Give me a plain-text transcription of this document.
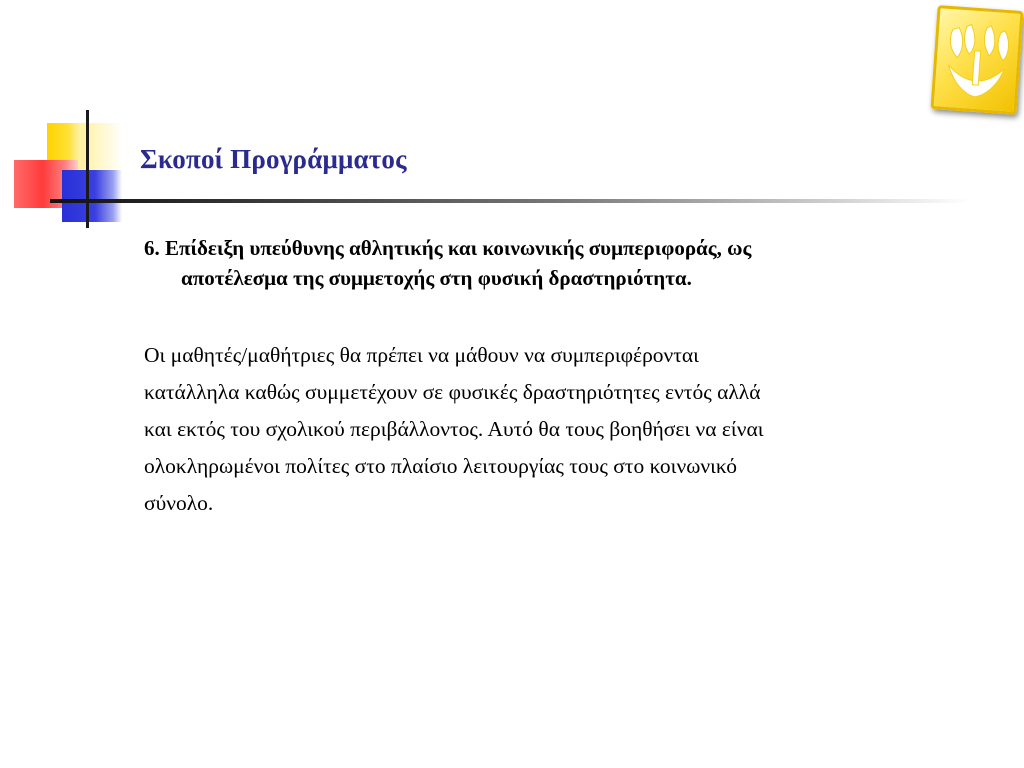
Σκοποί Προγράμματος
6. Επίδειξη υπεύθυνης αθλητικής και κοινωνικής συμπεριφοράς, ως
αποτέλεσμα της συμμετοχής στη φυσική δραστηριότητα.
Οι μαθητές/μαθήτριες θα πρέπει να μάθουν να συμπεριφέρονται
κατάλληλα καθώς συμμετέχουν σε φυσικές δραστηριότητες εντός αλλά
και εκτός του σχολικού περιβάλλοντος. Αυτό θα τους βοηθήσει να είναι
ολοκληρωμένοι πολίτες στο πλαίσιο λειτουργίας τους στο κοινωνικό
σύνολο.
